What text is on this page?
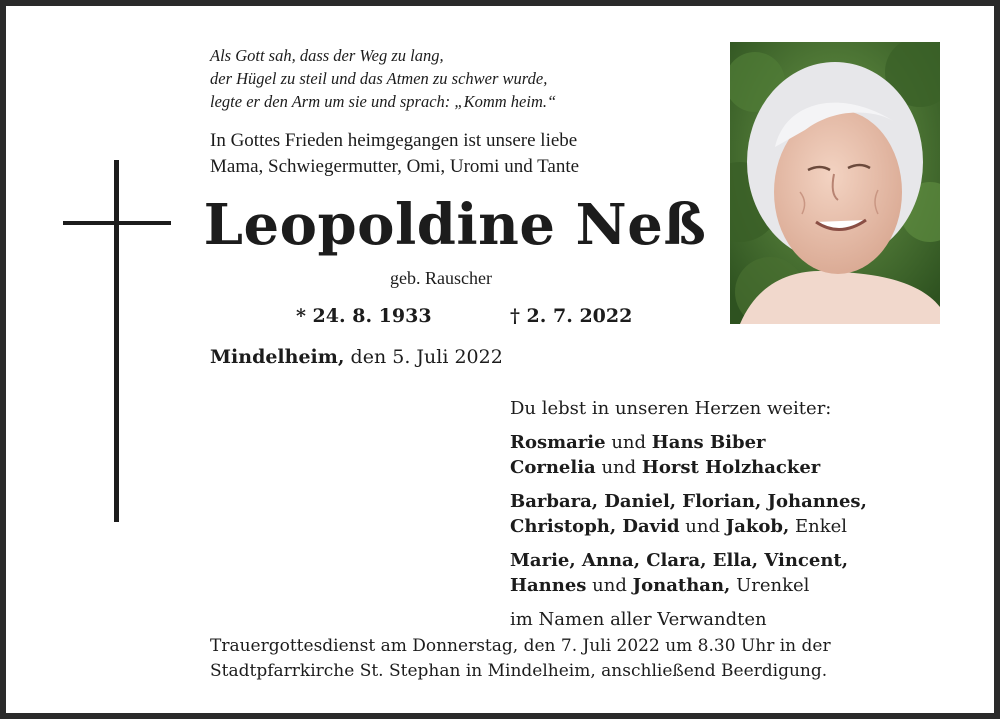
Als Gott sah, dass der Weg zu lang,
der Hügel zu steil und das Atmen zu schwer wurde,
legte er den Arm um sie und sprach: „Komm heim.“
In Gottes Frieden heimgegangen ist unsere liebe
Mama, Schwiegermutter, Omi, Uromi und Tante
Leopoldine Neß
geb. Rauscher
* 24. 8. 1933	† 2. 7. 2022
Mindelheim, den 5. Juli 2022
Du lebst in unseren Herzen weiter:
Rosmarie und Hans Biber
Cornelia und Horst Holzhacker
Barbara, Daniel, Florian, Johannes,
Christoph, David und Jakob, Enkel
Marie, Anna, Clara, Ella, Vincent,
Hannes und Jonathan, Urenkel
im Namen aller Verwandten
Trauergottesdienst am Donnerstag, den 7. Juli 2022 um 8.30 Uhr in der
Stadtpfarrkirche St. Stephan in Mindelheim, anschließend Beerdigung.
